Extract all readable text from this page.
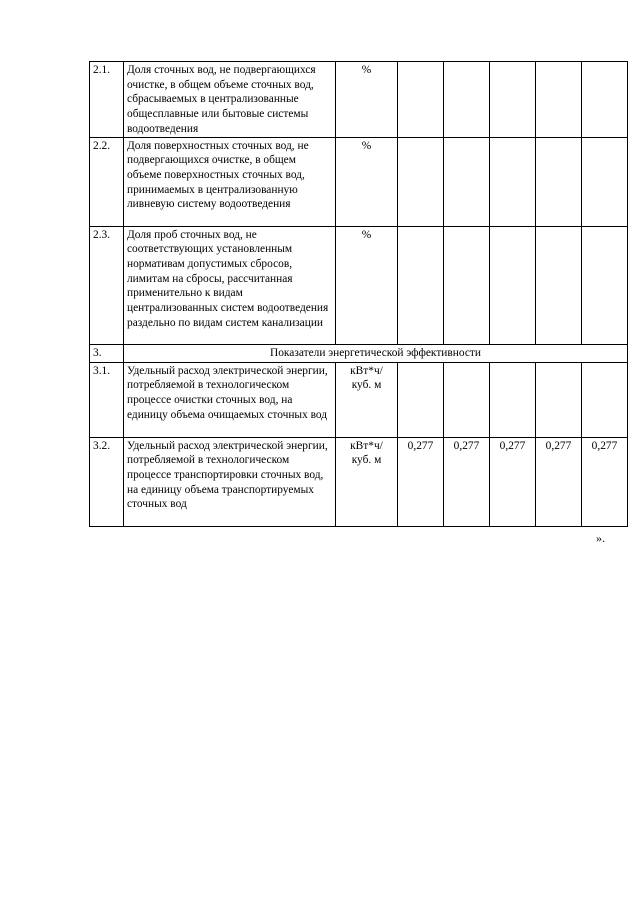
2.1.	Доля сточных вод, не подвергающихся очистке, в общем объеме сточных вод, сбрасываемых в централизованные общесплавные или бытовые системы водоотведения	%					
2.2.	Доля поверхностных сточных вод, не подвергающихся очистке, в общем объеме поверхностных сточных вод, принимаемых в централизованную ливневую систему водоотведения	%					
2.3.	Доля проб сточных вод, не соответствующих установленным нормативам допустимых сбросов, лимитам на сбросы, рассчитанная применительно к видам централизованных систем водоотведения раздельно по видам систем канализации	%					
3.	Показатели энергетической эффективности						
3.1.	Удельный расход электрической энергии, потребляемой в технологическом процессе очистки сточных вод, на единицу объема очищаемых сточных вод	кВт*ч/ куб. м					
3.2.	Удельный расход электрической энергии, потребляемой в технологическом процессе транспортировки сточных вод, на единицу объема транспортируемых сточных вод	кВт*ч/ куб. м	0,277	0,277	0,277	0,277	0,277
».
